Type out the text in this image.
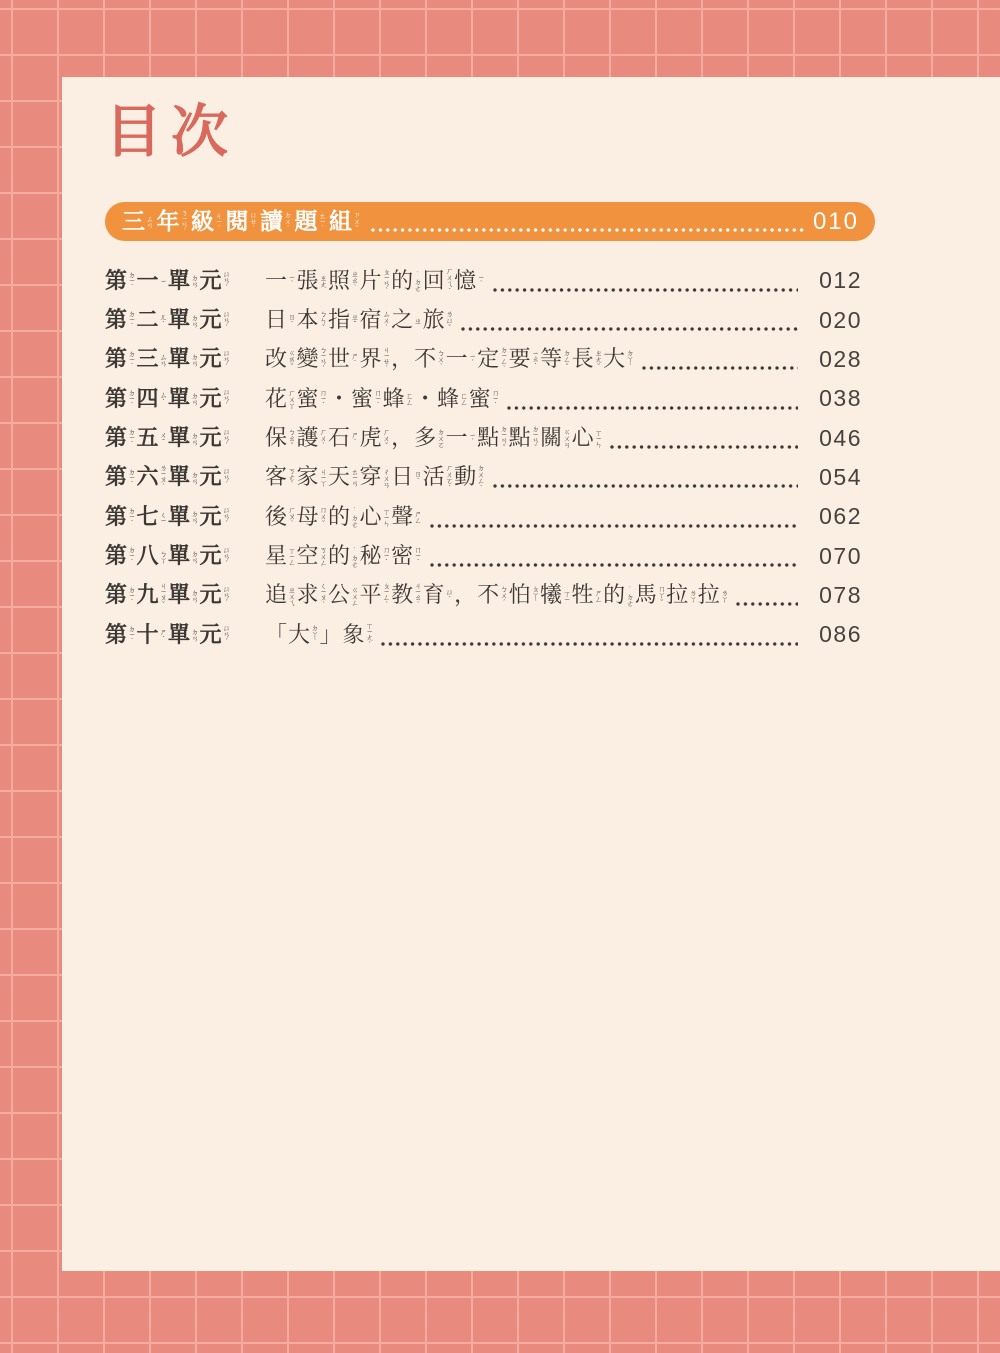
目次
三 ㄙㄢ 年 ㄋㄧㄢˊ 級 ㄐㄧˊ 閱 ㄩㄝˋ 讀 ㄉㄨˊ 題 ㄊㄧˊ 組 ㄗㄨˇ	010
第 ㄉㄧˋ 一 ㄧ 單 ㄉㄢ 元 ㄩㄢˊ 一 ㄧˋ 張 ㄓㄤ 照 ㄓㄠˋ 片 ㄆㄧㄢˋ 的 ˙ㄉㄜ 回 ㄏㄨㄟˊ 憶 ㄧˋ	012
第 ㄉㄧˋ 二 ㄦˋ 單 ㄉㄢ 元 ㄩㄢˊ 日 ㄖˋ 本 ㄅㄣˇ 指 ㄓˇ 宿 ㄙㄨˋ 之 ㄓ 旅 ㄌㄩˇ	020
第 ㄉㄧˋ 三 ㄙㄢ 單 ㄉㄢ 元 ㄩㄢˊ 改 ㄍㄞˇ 變 ㄅㄧㄢˋ 世 ㄕˋ 界 ㄐㄧㄝˋ ， 不 ㄅㄨˋ 一 ㄧˊ 定 ㄉㄧㄥˋ 要 ㄧㄠˋ 等 ㄉㄥˇ 長 ㄓㄤˇ 大 ㄉㄚˋ	028
第 ㄉㄧˋ 四 ㄙˋ 單 ㄉㄢ 元 ㄩㄢˊ 花 ㄏㄨㄚ 蜜 ㄇㄧˋ ・ 蜜 ㄇㄧˋ 蜂 ㄈㄥ ・ 蜂 ㄈㄥ 蜜 ㄇㄧˋ	038
第 ㄉㄧˋ 五 ㄨˇ 單 ㄉㄢ 元 ㄩㄢˊ 保 ㄅㄠˇ 護 ㄏㄨˋ 石 ㄕˊ 虎 ㄏㄨˇ ， 多 ㄉㄨㄛ 一 ㄧˋ 點 ㄉㄧㄢˇ 點 ㄉㄧㄢˇ 關 ㄍㄨㄢ 心 ㄒㄧㄣ	046
第 ㄉㄧˋ 六 ㄌㄧㄡˋ 單 ㄉㄢ 元 ㄩㄢˊ 客 ㄎㄜˋ 家 ㄐㄧㄚ 天 ㄊㄧㄢ 穿 ㄔㄨㄢ 日 ㄖˋ 活 ㄏㄨㄛˊ 動 ㄉㄨㄥˋ	054
第 ㄉㄧˋ 七 ㄑㄧ 單 ㄉㄢ 元 ㄩㄢˊ 後 ㄏㄡˋ 母 ㄇㄨˇ 的 ˙ㄉㄜ 心 ㄒㄧㄣ 聲 ㄕㄥ	062
第 ㄉㄧˋ 八 ㄅㄚ 單 ㄉㄢ 元 ㄩㄢˊ 星 ㄒㄧㄥ 空 ㄎㄨㄥ 的 ˙ㄉㄜ 秘 ㄇㄧˋ 密 ㄇㄧˋ	070
第 ㄉㄧˋ 九 ㄐㄧㄡˇ 單 ㄉㄢ 元 ㄩㄢˊ 追 ㄓㄨㄟ 求 ㄑㄧㄡˊ 公 ㄍㄨㄥ 平 ㄆㄧㄥˊ 教 ㄐㄧㄠˋ 育 ㄩˋ ， 不 ㄅㄨˊ 怕 ㄆㄚˋ 犧 ㄒㄧ 牲 ㄕㄥ 的 ˙ㄉㄜ 馬 ㄇㄚˇ 拉 ㄌㄚ 拉 ㄌㄚ	078
第 ㄉㄧˋ 十 ㄕˊ 單 ㄉㄢ 元 ㄩㄢˊ 「 大 ㄉㄚˋ 」 象 ㄒㄧㄤˋ	086
